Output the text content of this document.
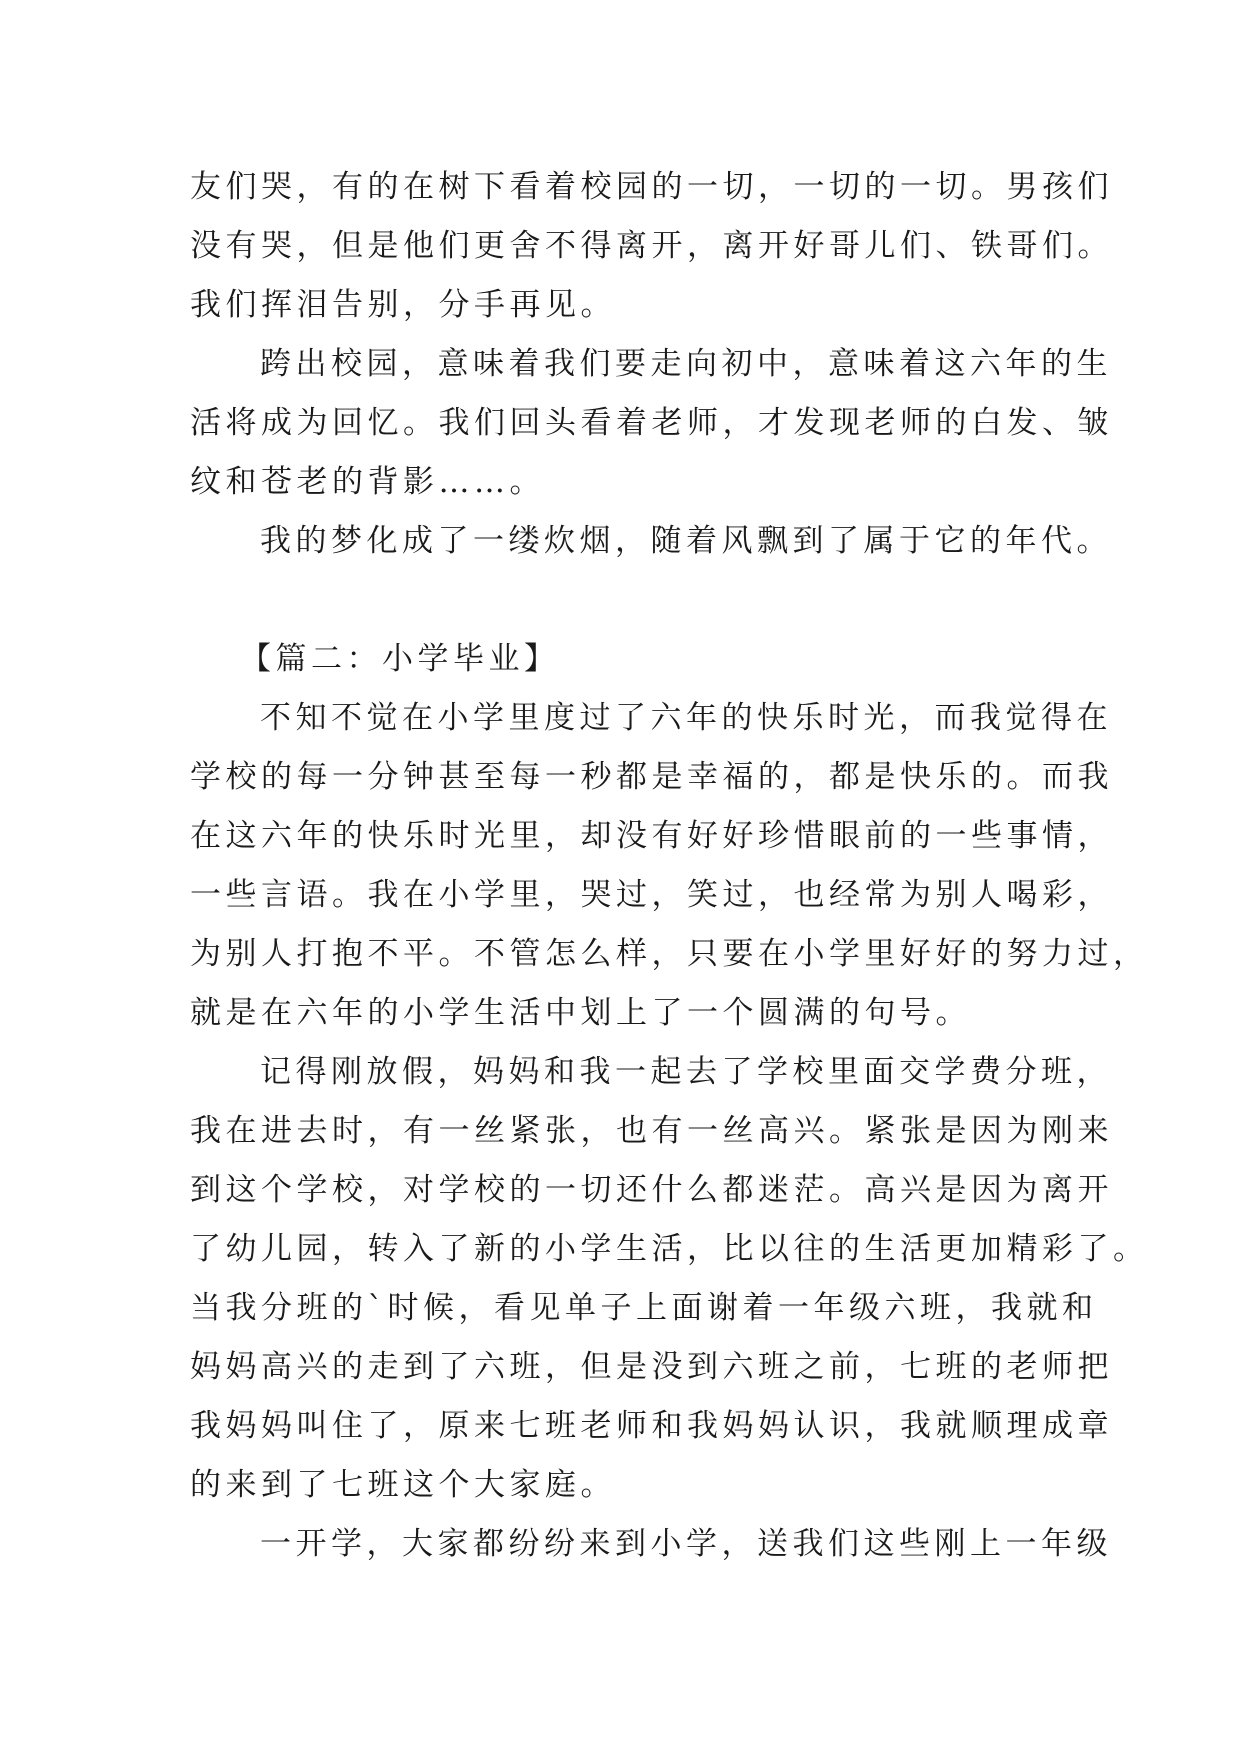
友们哭，有的在树下看着校园的一切，一切的一切。男孩们
没有哭，但是他们更舍不得离开，离开好哥儿们、铁哥们。
我们挥泪告别，分手再见。
跨出校园，意味着我们要走向初中，意味着这六年的生
活将成为回忆。我们回头看着老师，才发现老师的白发、皱
纹和苍老的背影……。
我的梦化成了一缕炊烟，随着风飘到了属于它的年代。
【篇二：小学毕业】
不知不觉在小学里度过了六年的快乐时光，而我觉得在
学校的每一分钟甚至每一秒都是幸福的，都是快乐的。而我
在这六年的快乐时光里，却没有好好珍惜眼前的一些事情，
一些言语。我在小学里，哭过，笑过，也经常为别人喝彩，
为别人打抱不平。不管怎么样，只要在小学里好好的努力过，
就是在六年的小学生活中划上了一个圆满的句号。
记得刚放假，妈妈和我一起去了学校里面交学费分班，
我在进去时，有一丝紧张，也有一丝高兴。紧张是因为刚来
到这个学校，对学校的一切还什么都迷茫。高兴是因为离开
了幼儿园，转入了新的小学生活，比以往的生活更加精彩了。
当我分班的`时候，看见单子上面谢着一年级六班，我就和
妈妈高兴的走到了六班，但是没到六班之前，七班的老师把
我妈妈叫住了，原来七班老师和我妈妈认识，我就顺理成章
的来到了七班这个大家庭。
一开学，大家都纷纷来到小学，送我们这些刚上一年级
